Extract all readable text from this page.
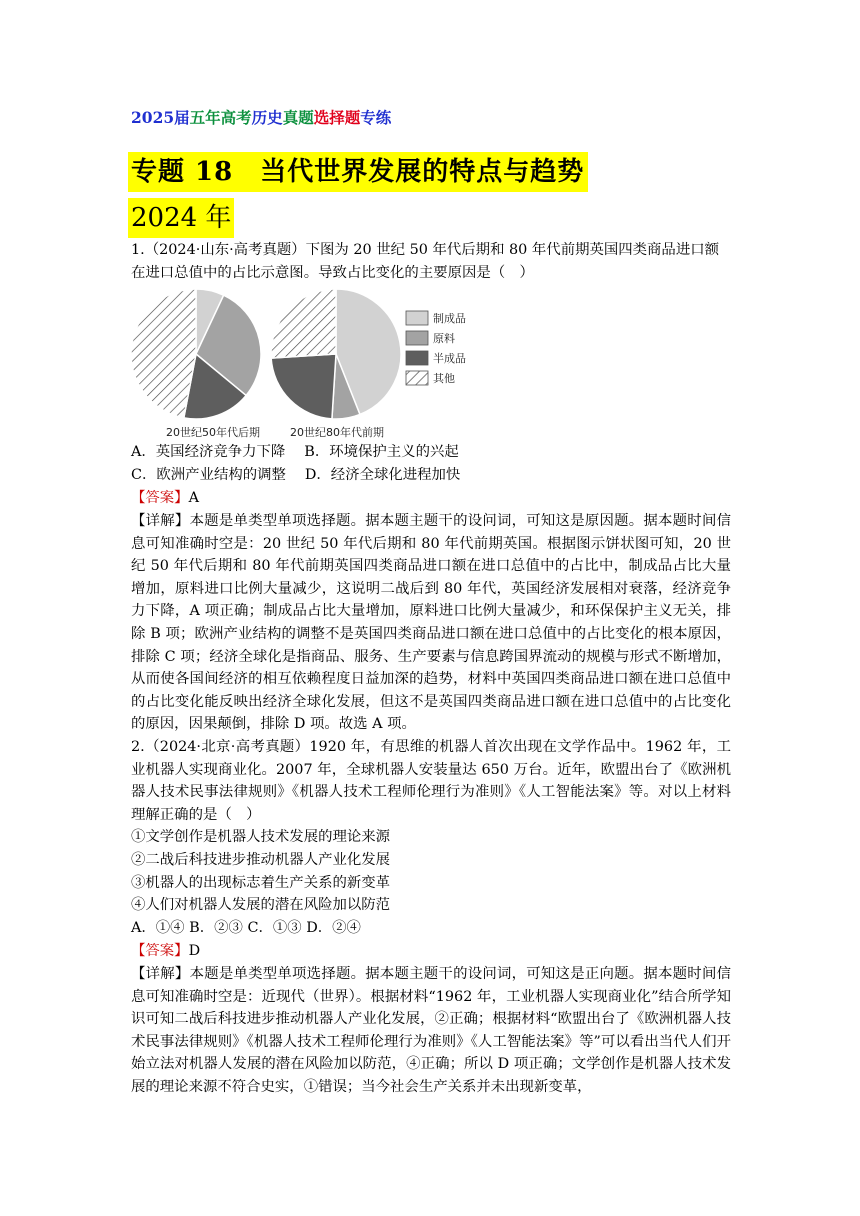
2025届五年高考历史真题选择题专练
专题 18　当代世界发展的特点与趋势
2024 年
1.（2024·山东·高考真题）下图为 20 世纪 50 年代后期和 80 年代前期英国四类商品进口额
在进口总值中的占比示意图。导致占比变化的主要原因是（　）
20世纪50年代后期	20世纪80年代前期
制成品
原料
半成品
其他
A．英国经济竞争力下降　 B．环境保护主义的兴起
C．欧洲产业结构的调整　 D．经济全球化进程加快
【答案】A
【详解】本题是单类型单项选择题。据本题主题干的设问词，可知这是原因题。据本题时间信息可知准确时空是：20 世纪 50 年代后期和 80 年代前期英国。根据图示饼状图可知，20 世纪 50 年代后期和 80 年代前期英国四类商品进口额在进口总值中的占比中，制成品占比大量增加，原料进口比例大量减少，这说明二战后到 80 年代，英国经济发展相对衰落，经济竞争力下降，A 项正确；制成品占比大量增加，原料进口比例大量减少，和环保保护主义无关，排除 B 项；欧洲产业结构的调整不是英国四类商品进口额在进口总值中的占比变化的根本原因，排除 C 项；经济全球化是指商品、服务、生产要素与信息跨国界流动的规模与形式不断增加，从而使各国间经济的相互依赖程度日益加深的趋势，材料中英国四类商品进口额在进口总值中的占比变化能反映出经济全球化发展，但这不是英国四类商品进口额在进口总值中的占比变化的原因，因果颠倒，排除 D 项。故选 A 项。
2.（2024·北京·高考真题）1920 年，有思维的机器人首次出现在文学作品中。1962 年，工业机器人实现商业化。2007 年，全球机器人安装量达 650 万台。近年，欧盟出台了《欧洲机器人技术民事法律规则》《机器人技术工程师伦理行为准则》《人工智能法案》等。对以上材料理解正确的是（　）
①文学创作是机器人技术发展的理论来源
②二战后科技进步推动机器人产业化发展
③机器人的出现标志着生产关系的新变革
④人们对机器人发展的潜在风险加以防范
A．①④ B．②③ C．①③ D．②④
【答案】D
【详解】本题是单类型单项选择题。据本题主题干的设问词，可知这是正向题。据本题时间信息可知准确时空是：近现代（世界）。根据材料“1962 年，工业机器人实现商业化”结合所学知识可知二战后科技进步推动机器人产业化发展，②正确；根据材料“欧盟出台了《欧洲机器人技术民事法律规则》《机器人技术工程师伦理行为准则》《人工智能法案》等”可以看出当代人们开始立法对机器人发展的潜在风险加以防范，④正确；所以 D 项正确；文学创作是机器人技术发展的理论来源不符合史实，①错误；当今社会生产关系并未出现新变革，
